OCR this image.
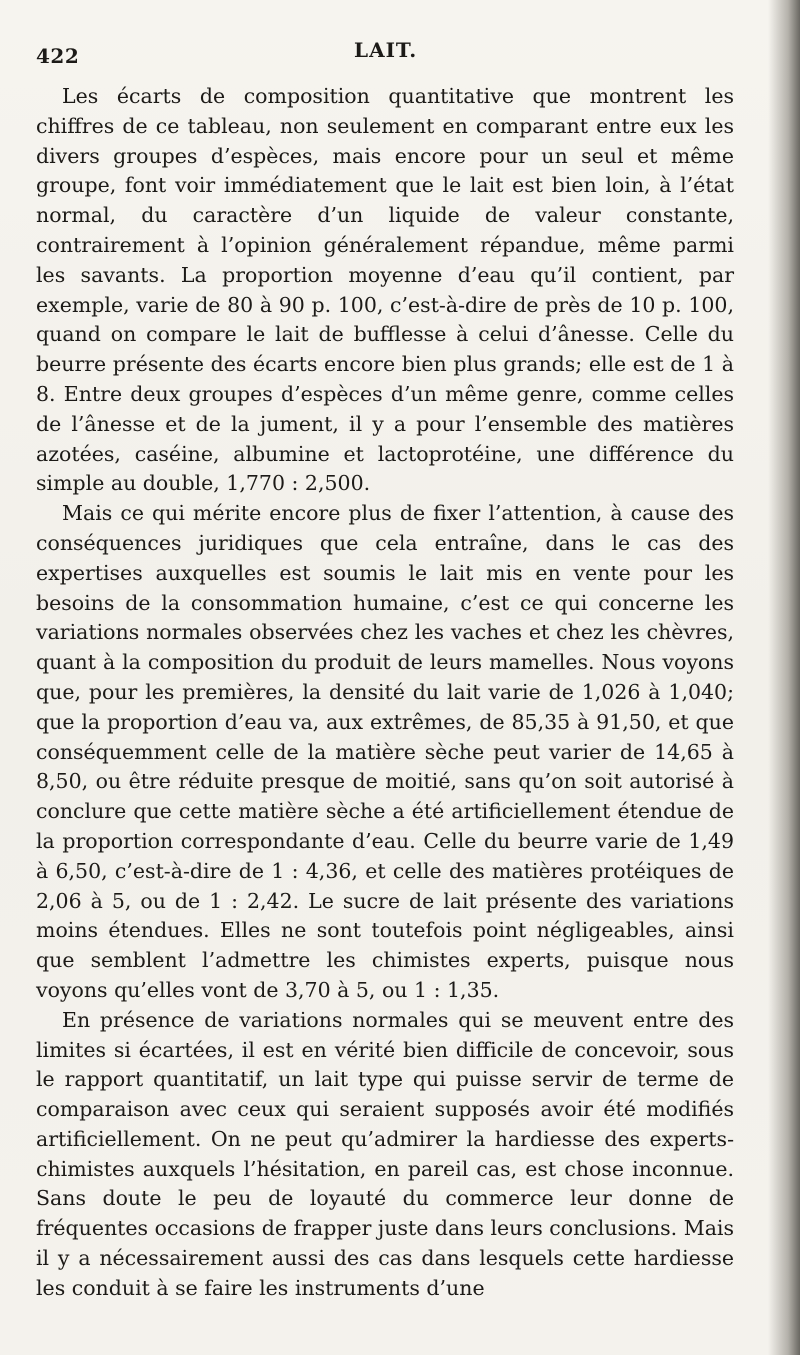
422	LAIT.

Les écarts de composition quantitative que montrent les chiffres de ce tableau, non seulement en comparant entre eux les divers groupes d’espèces, mais encore pour un seul et même groupe, font voir immédiatement que le lait est bien loin, à l’état normal, du caractère d’un liquide de valeur constante, contrairement à l’opinion généralement répandue, même parmi les savants. La proportion moyenne d’eau qu’il contient, par exemple, varie de 80 à 90 p. 100, c’est-à-dire de près de 10 p. 100, quand on compare le lait de bufflesse à celui d’ânesse. Celle du beurre présente des écarts encore bien plus grands; elle est de 1 à 8. Entre deux groupes d’espèces d’un même genre, comme celles de l’ânesse et de la jument, il y a pour l’ensemble des matières azotées, caséine, albumine et lactoprotéine, une différence du simple au double, 1,770 : 2,500.

Mais ce qui mérite encore plus de fixer l’attention, à cause des conséquences juridiques que cela entraîne, dans le cas des expertises auxquelles est soumis le lait mis en vente pour les besoins de la consommation humaine, c’est ce qui concerne les variations normales observées chez les vaches et chez les chèvres, quant à la composition du produit de leurs mamelles. Nous voyons que, pour les premières, la densité du lait varie de 1,026 à 1,040; que la proportion d’eau va, aux extrêmes, de 85,35 à 91,50, et que conséquemment celle de la matière sèche peut varier de 14,65 à 8,50, ou être réduite presque de moitié, sans qu’on soit autorisé à conclure que cette matière sèche a été artificiellement étendue de la proportion correspondante d’eau. Celle du beurre varie de 1,49 à 6,50, c’est-à-dire de 1 : 4,36, et celle des matières protéiques de 2,06 à 5, ou de 1 : 2,42. Le sucre de lait présente des variations moins étendues. Elles ne sont toutefois point négligeables, ainsi que semblent l’admettre les chimistes experts, puisque nous voyons qu’elles vont de 3,70 à 5, ou 1 : 1,35.

En présence de variations normales qui se meuvent entre des limites si écartées, il est en vérité bien difficile de concevoir, sous le rapport quantitatif, un lait type qui puisse servir de terme de comparaison avec ceux qui seraient supposés avoir été modifiés artificiellement. On ne peut qu’admirer la hardiesse des experts-chimistes auxquels l’hésitation, en pareil cas, est chose inconnue. Sans doute le peu de loyauté du commerce leur donne de fréquentes occasions de frapper juste dans leurs conclusions. Mais il y a nécessairement aussi des cas dans lesquels cette hardiesse les conduit à se faire les instruments d’une
